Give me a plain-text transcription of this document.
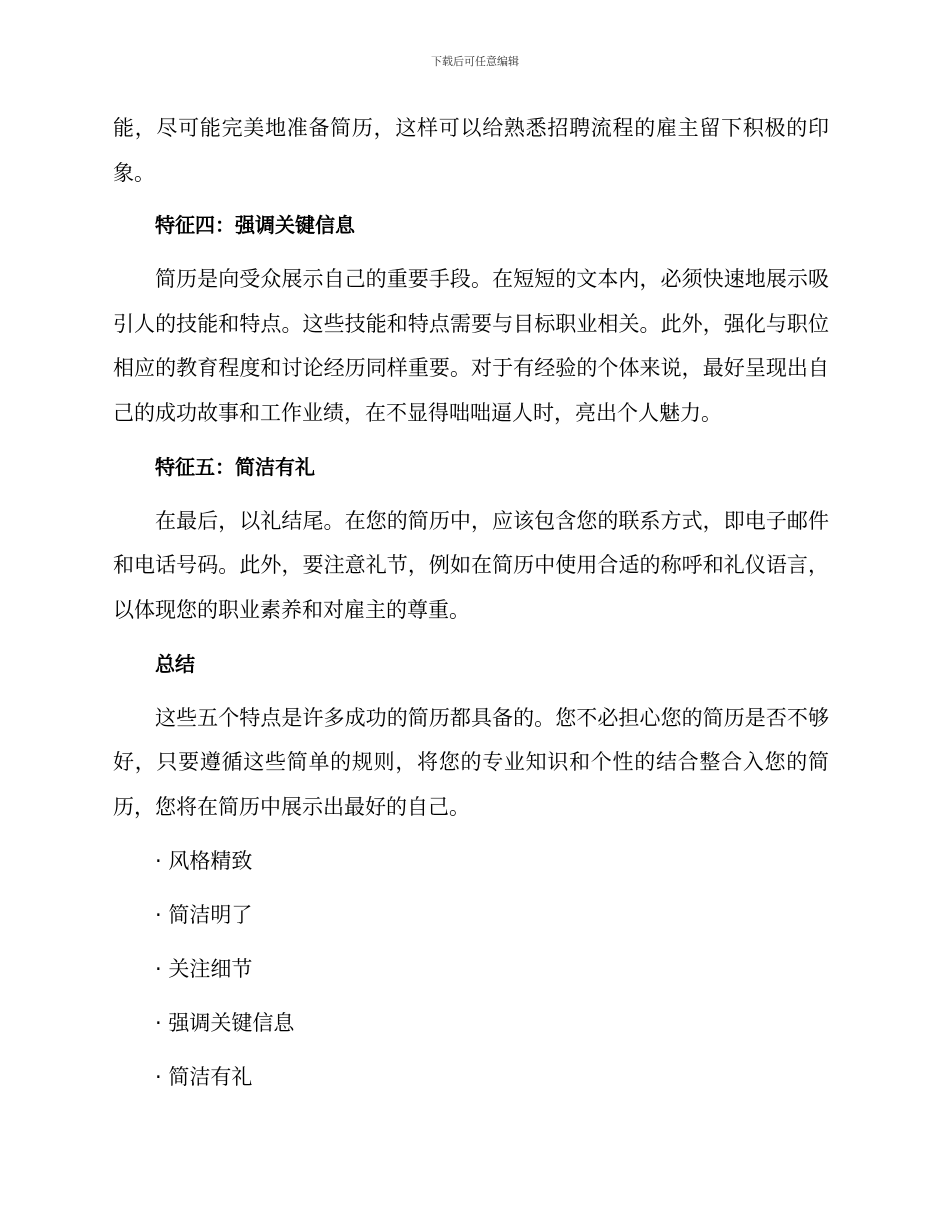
下载后可任意编辑

能，尽可能完美地准备简历，这样可以给熟悉招聘流程的雇主留下积极的印象。

特征四：强调关键信息

简历是向受众展示自己的重要手段。在短短的文本内，必须快速地展示吸引人的技能和特点。这些技能和特点需要与目标职业相关。此外，强化与职位相应的教育程度和讨论经历同样重要。对于有经验的个体来说，最好呈现出自己的成功故事和工作业绩，在不显得咄咄逼人时，亮出个人魅力。

特征五：简洁有礼

在最后，以礼结尾。在您的简历中，应该包含您的联系方式，即电子邮件和电话号码。此外，要注意礼节，例如在简历中使用合适的称呼和礼仪语言，以体现您的职业素养和对雇主的尊重。

总结

这些五个特点是许多成功的简历都具备的。您不必担心您的简历是否不够好，只要遵循这些简单的规则，将您的专业知识和个性的结合整合入您的简历，您将在简历中展示出最好的自己。

· 风格精致
· 简洁明了
· 关注细节
· 强调关键信息
· 简洁有礼
